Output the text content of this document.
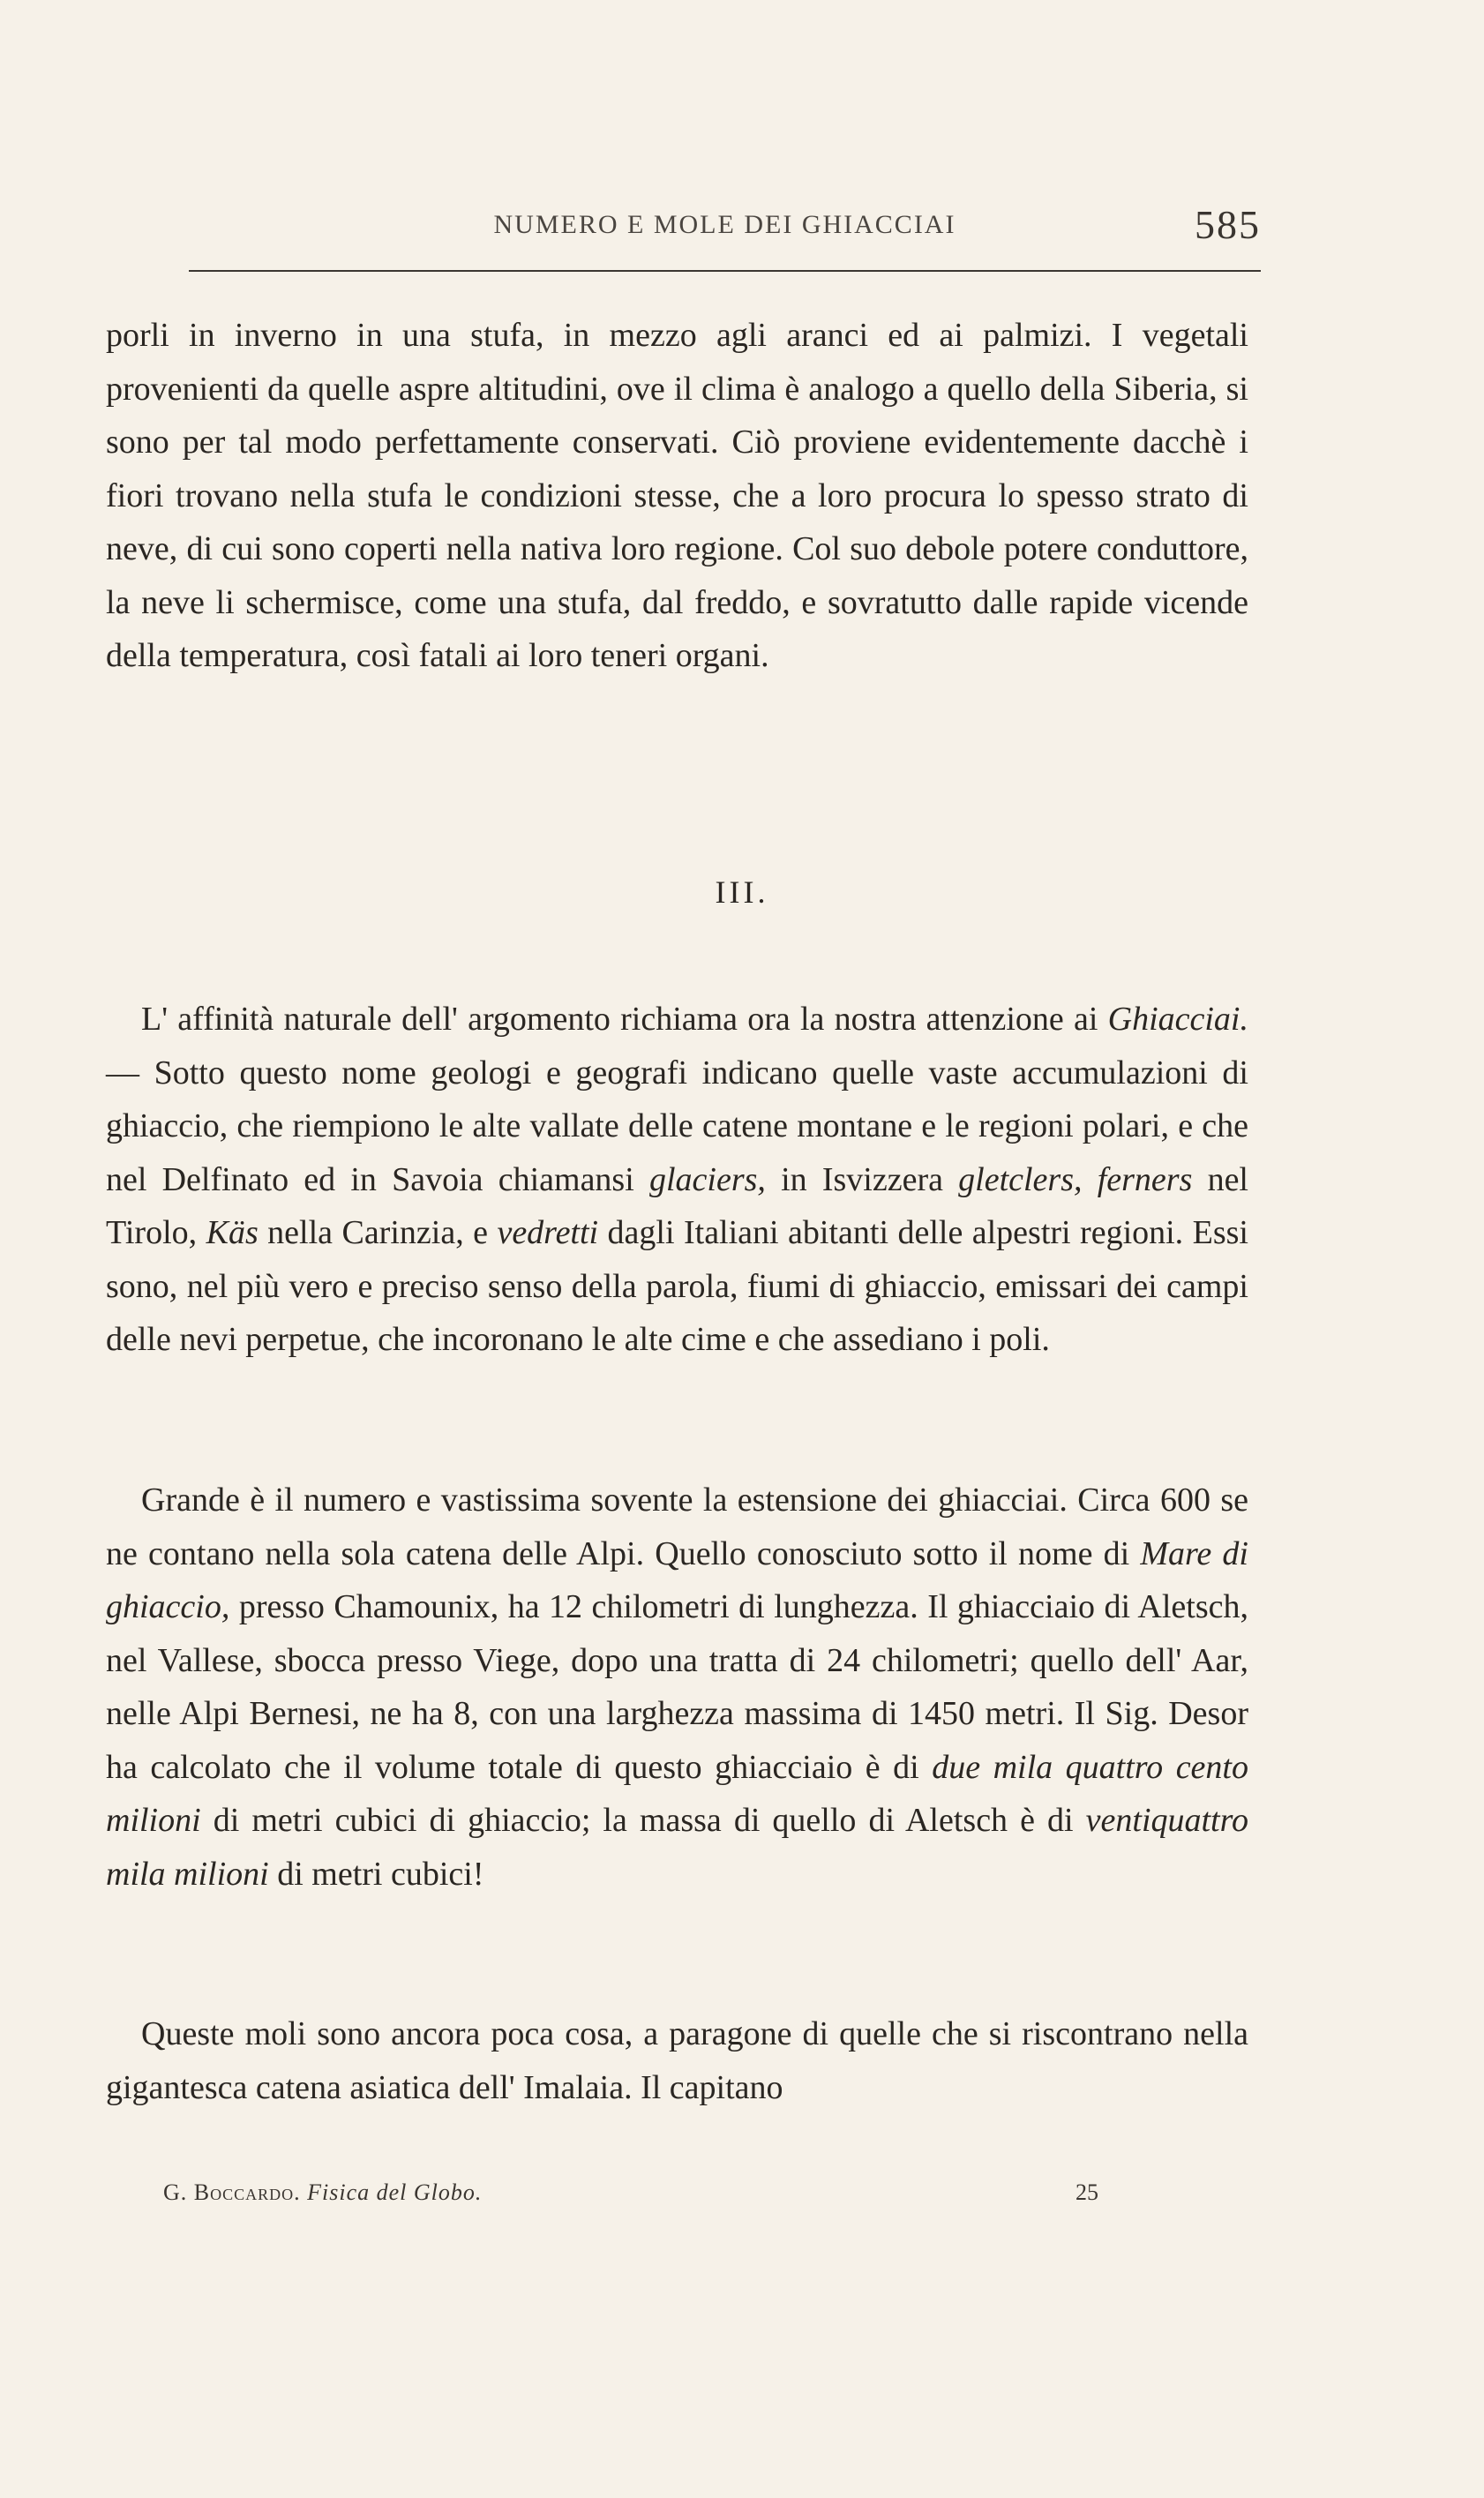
NUMERO E MOLE DEI GHIACCIAI	585

porli in inverno in una stufa, in mezzo agli aranci ed ai palmizi. I vegetali provenienti da quelle aspre altitudini, ove il clima è analogo a quello della Siberia, si sono per tal modo perfettamente conservati. Ciò proviene evidentemente dacchè i fiori trovano nella stufa le condizioni stesse, che a loro procura lo spesso strato di neve, di cui sono coperti nella nativa loro regione. Col suo debole potere conduttore, la neve li schermisce, come una stufa, dal freddo, e sovratutto dalle rapide vicende della temperatura, così fatali ai loro teneri organi.

III.

L' affinità naturale dell' argomento richiama ora la nostra attenzione ai Ghiacciai. — Sotto questo nome geologi e geografi indicano quelle vaste accumulazioni di ghiaccio, che riempiono le alte vallate delle catene montane e le regioni polari, e che nel Delfinato ed in Savoia chiamansi glaciers, in Isvizzera gletclers, ferners nel Tirolo, Käs nella Carinzia, e vedretti dagli Italiani abitanti delle alpestri regioni. Essi sono, nel più vero e preciso senso della parola, fiumi di ghiaccio, emissari dei campi delle nevi perpetue, che incoronano le alte cime e che assediano i poli.

Grande è il numero e vastissima sovente la estensione dei ghiacciai. Circa 600 se ne contano nella sola catena delle Alpi. Quello conosciuto sotto il nome di Mare di ghiaccio, presso Chamounix, ha 12 chilometri di lunghezza. Il ghiacciaio di Aletsch, nel Vallese, sbocca presso Viege, dopo una tratta di 24 chilometri; quello dell' Aar, nelle Alpi Bernesi, ne ha 8, con una larghezza massima di 1450 metri. Il Sig. Desor ha calcolato che il volume totale di questo ghiacciaio è di due mila quattro cento milioni di metri cubici di ghiaccio; la massa di quello di Aletsch è di ventiquattro mila milioni di metri cubici!

Queste moli sono ancora poca cosa, a paragone di quelle che si riscontrano nella gigantesca catena asiatica dell' Imalaia. Il capitano

G. Boccardo. Fisica del Globo.	25
